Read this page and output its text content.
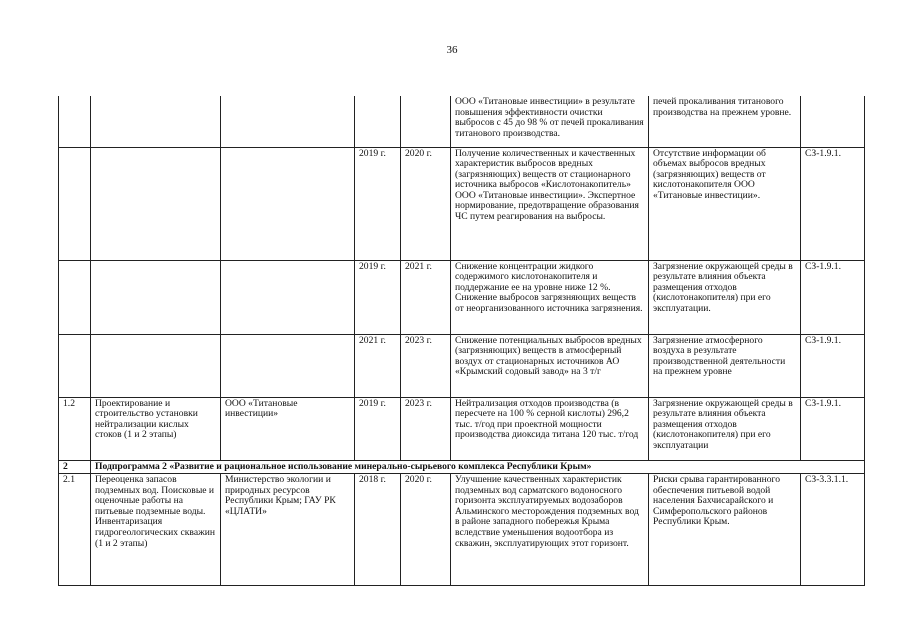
36
					ООО «Титановые инвестиции» в результате повышения эффективности очистки выбросов с 45 до 98 % от печей прокаливания титанового производства.	печей прокаливания титанового производства на прежнем уровне.	
			2019 г.	2020 г.	Получение количественных и качественных характеристик выбросов вредных (загрязняющих) веществ от стационарного источника выбросов «Кислотонакопитель» ООО «Титановые инвестиции». Экспертное нормирование, предотвращение образования ЧС путем реагирования на выбросы.	Отсутствие информации об объемах выбросов вредных (загрязняющих) веществ от кислотонакопителя ООО «Титановые инвестиции».	СЗ-1.9.1.
			2019 г.	2021 г.	Снижение концентрации жидкого содержимого кислотонакопителя и поддержание ее на уровне ниже 12 %. Снижение выбросов загрязняющих веществ от неорганизованного источника загрязнения.	Загрязнение окружающей среды в результате влияния объекта размещения отходов (кислотонакопителя) при его эксплуатации.	СЗ-1.9.1.
			2021 г.	2023 г.	Снижение потенциальных выбросов вредных (загрязняющих) веществ в атмосферный воздух от стационарных источников АО «Крымский содовый завод» на 3 т/г	Загрязнение атмосферного воздуха в результате производственной деятельности на прежнем уровне	СЗ-1.9.1.
1.2	Проектирование и строительство установки нейтрализации кислых стоков (1 и 2 этапы)	ООО «Титановые инвестиции»	2019 г.	2023 г.	Нейтрализация отходов производства (в пересчете на 100 % серной кислоты) 296,2 тыс. т/год при проектной мощности производства диоксида титана 120 тыс. т/год	Загрязнение окружающей среды в результате влияния объекта размещения отходов (кислотонакопителя) при его эксплуатации	СЗ-1.9.1.
2	Подпрограмма 2 «Развитие и рациональное использование минерально-сырьевого комплекса Республики Крым»						
2.1	Переоценка запасов подземных вод. Поисковые и оценочные работы на питьевые подземные воды. Инвентаризация гидрогеологических скважин (1 и 2 этапы)	Министерство экологии и природных ресурсов Республики Крым; ГАУ РК «ЦЛАТИ»	2018 г.	2020 г.	Улучшение качественных характеристик подземных вод сарматского водоносного горизонта эксплуатируемых водозаборов Альминского месторождения подземных вод в районе западного побережья Крыма вследствие уменьшения водоотбора из скважин, эксплуатирующих этот горизонт.	Риски срыва гарантированного обеспечения питьевой водой населения Бахчисарайского и Симферопольского районов Республики Крым.	СЗ-3.3.1.1.
